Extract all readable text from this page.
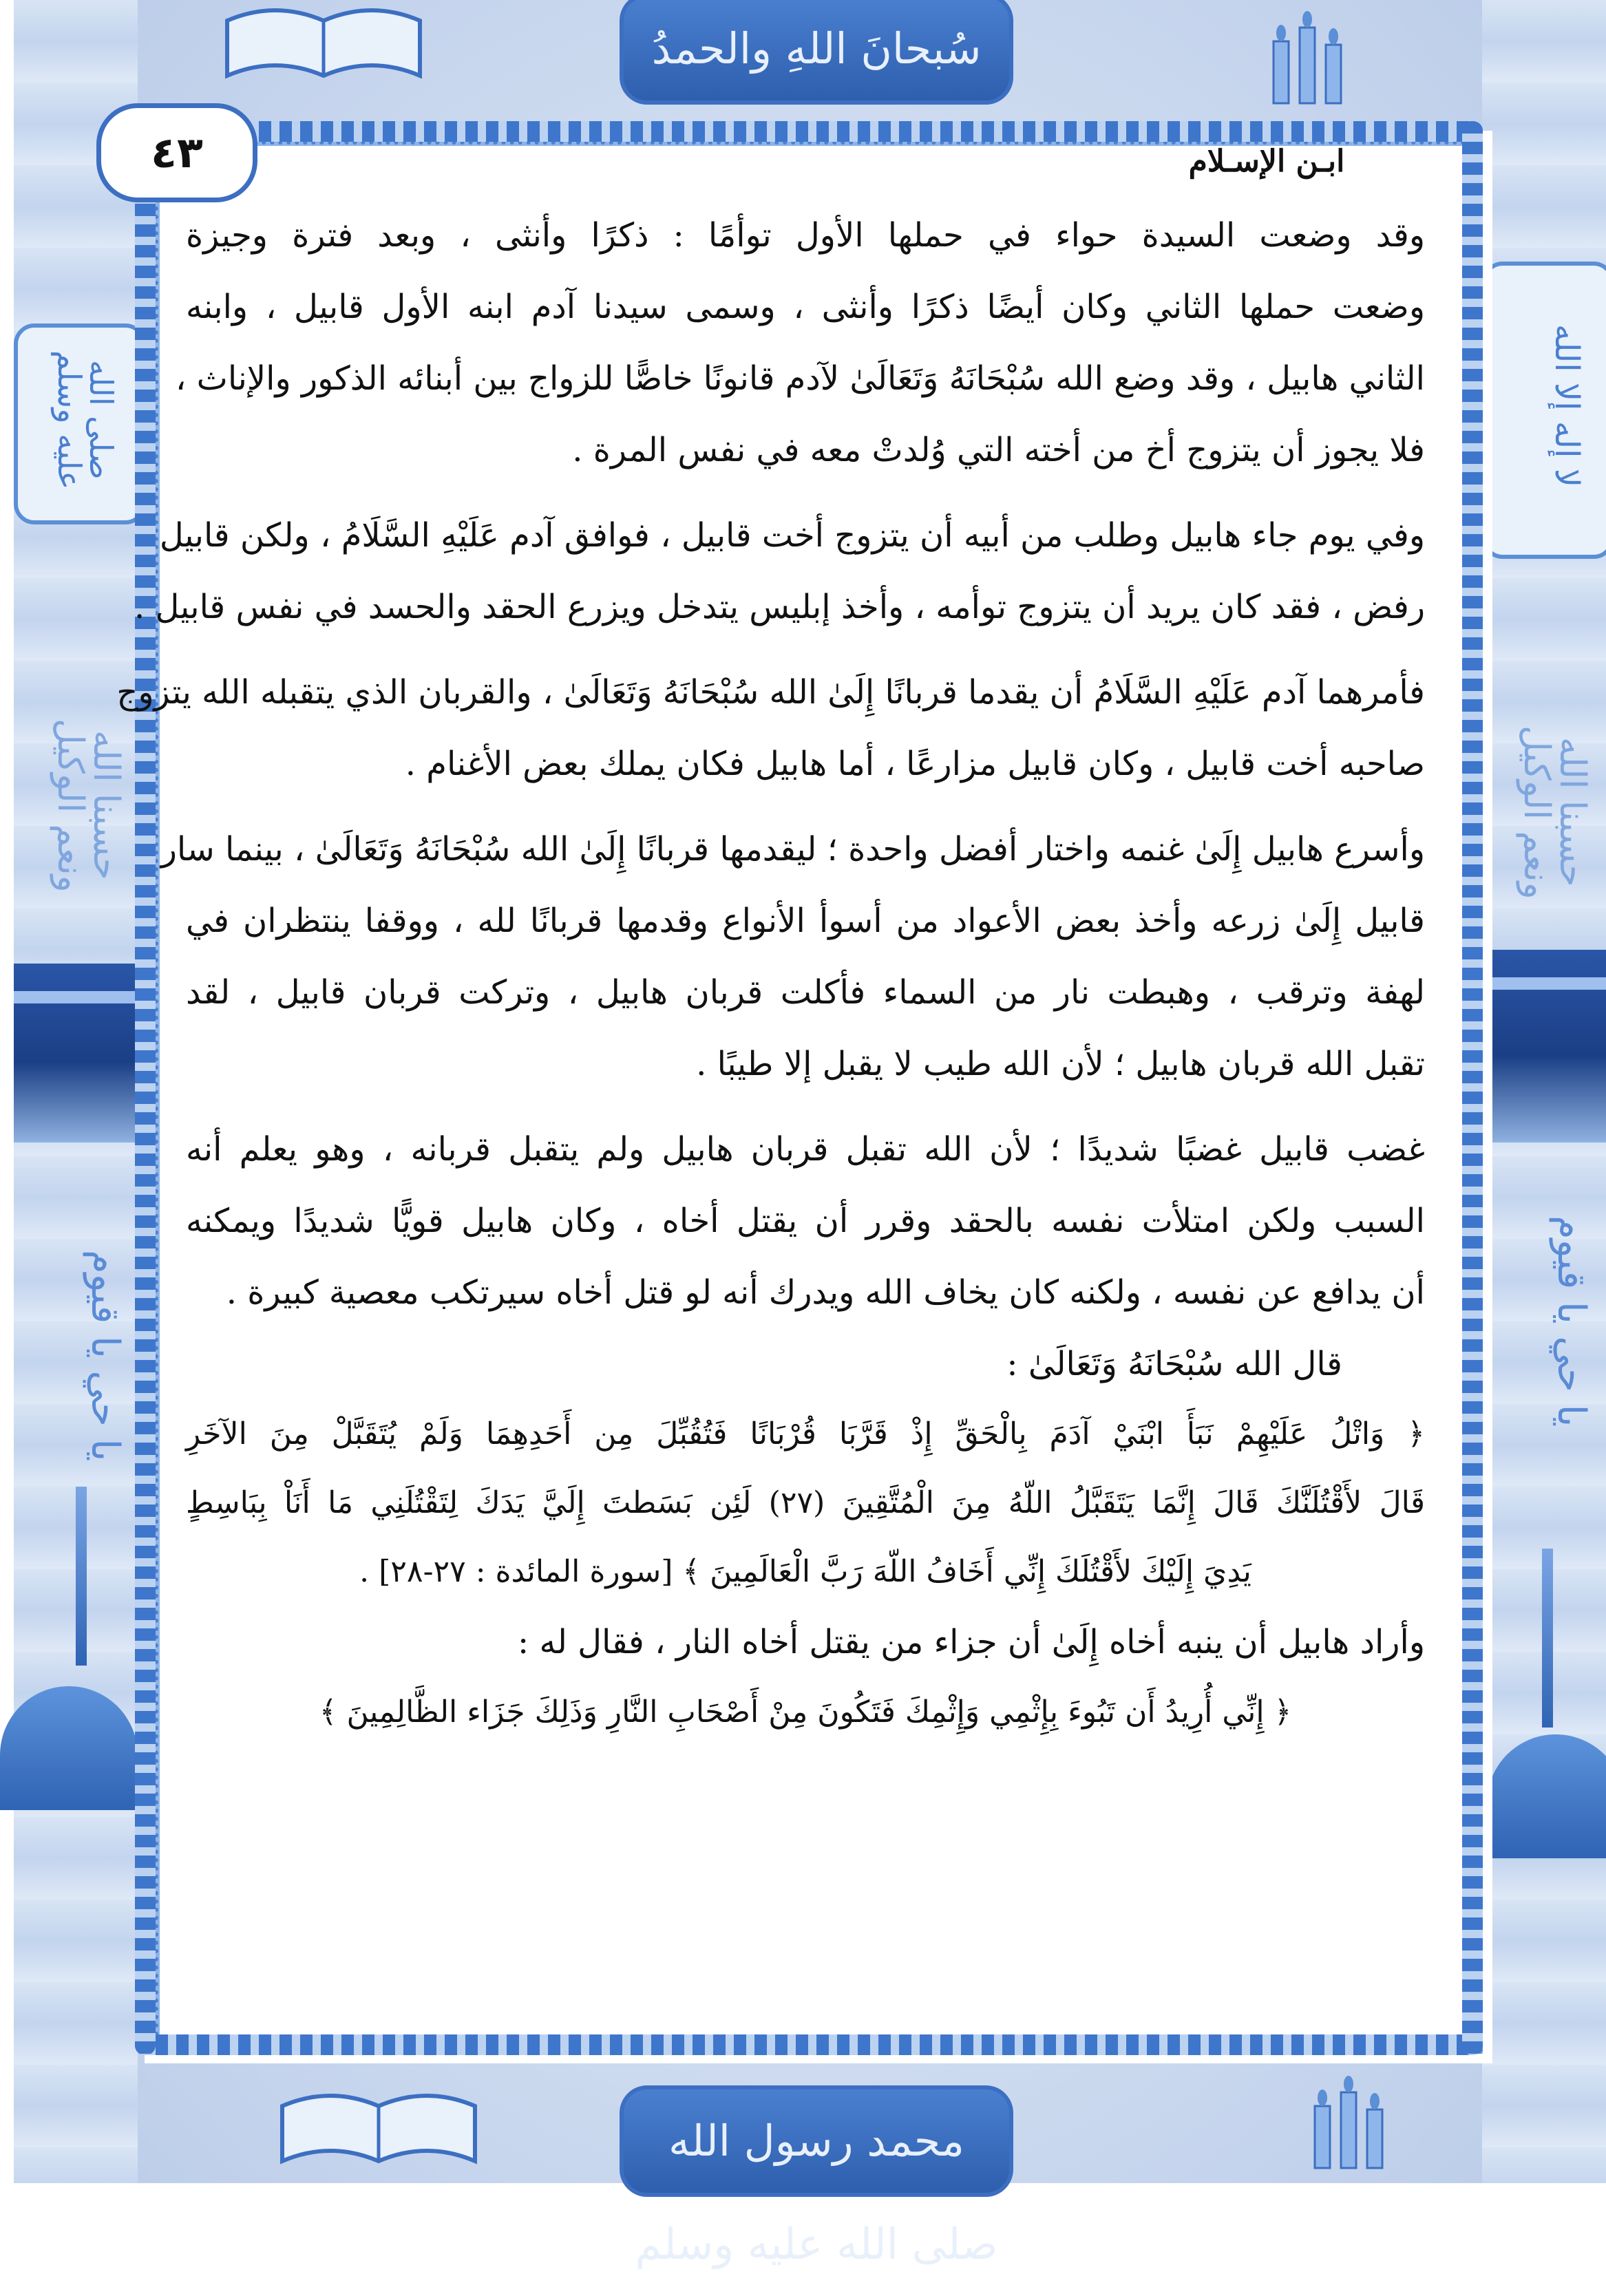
صلى الله عليه وسلم
حسبنا الله ونعم الوكيل
يا حي يا قيوم
لا إله إلا الله
حسبنا الله ونعم الوكيل
يا حي يا قيوم
سُبحانَ اللهِ والحمدُ
محمد رسول الله صلى الله عليه وسلم
٤٣	ابـن الإسـلام
وقد وضعت السيدة حواء في حملها الأول توأمًا : ذكرًا وأنثى ، وبعد فترة وجيزة
وضعت حملها الثاني وكان أيضًا ذكرًا وأنثى ، وسمى سيدنا آدم ابنه الأول قابيل ، وابنه
الثاني هابيل ، وقد وضع الله سُبْحَانَهُ وَتَعَالَىٰ لآدم قانونًا خاصًّا للزواج بين أبنائه الذكور والإناث ،
فلا يجوز أن يتزوج أخ من أخته التي وُلدتْ معه في نفس المرة .
وفي يوم جاء هابيل وطلب من أبيه أن يتزوج أخت قابيل ، فوافق آدم عَلَيْهِ السَّلَامُ ، ولكن قابيل
رفض ، فقد كان يريد أن يتزوج توأمه ، وأخذ إبليس يتدخل ويزرع الحقد والحسد في نفس قابيل .
فأمرهما آدم عَلَيْهِ السَّلَامُ أن يقدما قربانًا إِلَىٰ الله سُبْحَانَهُ وَتَعَالَىٰ ، والقربان الذي يتقبله الله يتزوج
صاحبه أخت قابيل ، وكان قابيل مزارعًا ، أما هابيل فكان يملك بعض الأغنام .
وأسرع هابيل إِلَىٰ غنمه واختار أفضل واحدة ؛ ليقدمها قربانًا إِلَىٰ الله سُبْحَانَهُ وَتَعَالَىٰ ، بينما سار
قابيل إِلَىٰ زرعه وأخذ بعض الأعواد من أسوأ الأنواع وقدمها قربانًا لله ، ووقفا ينتظران في
لهفة وترقب ، وهبطت نار من السماء فأكلت قربان هابيل ، وتركت قربان قابيل ، لقد
تقبل الله قربان هابيل ؛ لأن الله طيب لا يقبل إلا طيبًا .
غضب قابيل غضبًا شديدًا ؛ لأن الله تقبل قربان هابيل ولم يتقبل قربانه ، وهو يعلم أنه
السبب ولكن امتلأت نفسه بالحقد وقرر أن يقتل أخاه ، وكان هابيل قويًّا شديدًا ويمكنه
أن يدافع عن نفسه ، ولكنه كان يخاف الله ويدرك أنه لو قتل أخاه سيرتكب معصية كبيرة .
قال الله سُبْحَانَهُ وَتَعَالَىٰ :
﴿ وَاتْلُ عَلَيْهِمْ نَبَأَ ابْنَيْ آدَمَ بِالْحَقِّ إِذْ قَرَّبَا قُرْبَانًا فَتُقُبِّلَ مِن أَحَدِهِمَا وَلَمْ يُتَقَبَّلْ مِنَ الآخَرِ
قَالَ لأَقْتُلَنَّكَ قَالَ إِنَّمَا يَتَقَبَّلُ اللّهُ مِنَ الْمُتَّقِينَ (٢٧) لَئِن بَسَطتَ إِلَيَّ يَدَكَ لِتَقْتُلَنِي مَا أَنَاْ بِبَاسِطٍ
يَدِيَ إِلَيْكَ لأَقْتُلَكَ إِنِّي أَخَافُ اللّهَ رَبَّ الْعَالَمِينَ ﴾ [سورة المائدة : ٢٧-٢٨] .
وأراد هابيل أن ينبه أخاه إِلَىٰ أن جزاء من يقتل أخاه النار ، فقال له :
﴿ إِنِّي أُرِيدُ أَن تَبُوءَ بِإِثْمِي وَإِثْمِكَ فَتَكُونَ مِنْ أَصْحَابِ النَّارِ وَذَلِكَ جَزَاء الظَّالِمِينَ ﴾
